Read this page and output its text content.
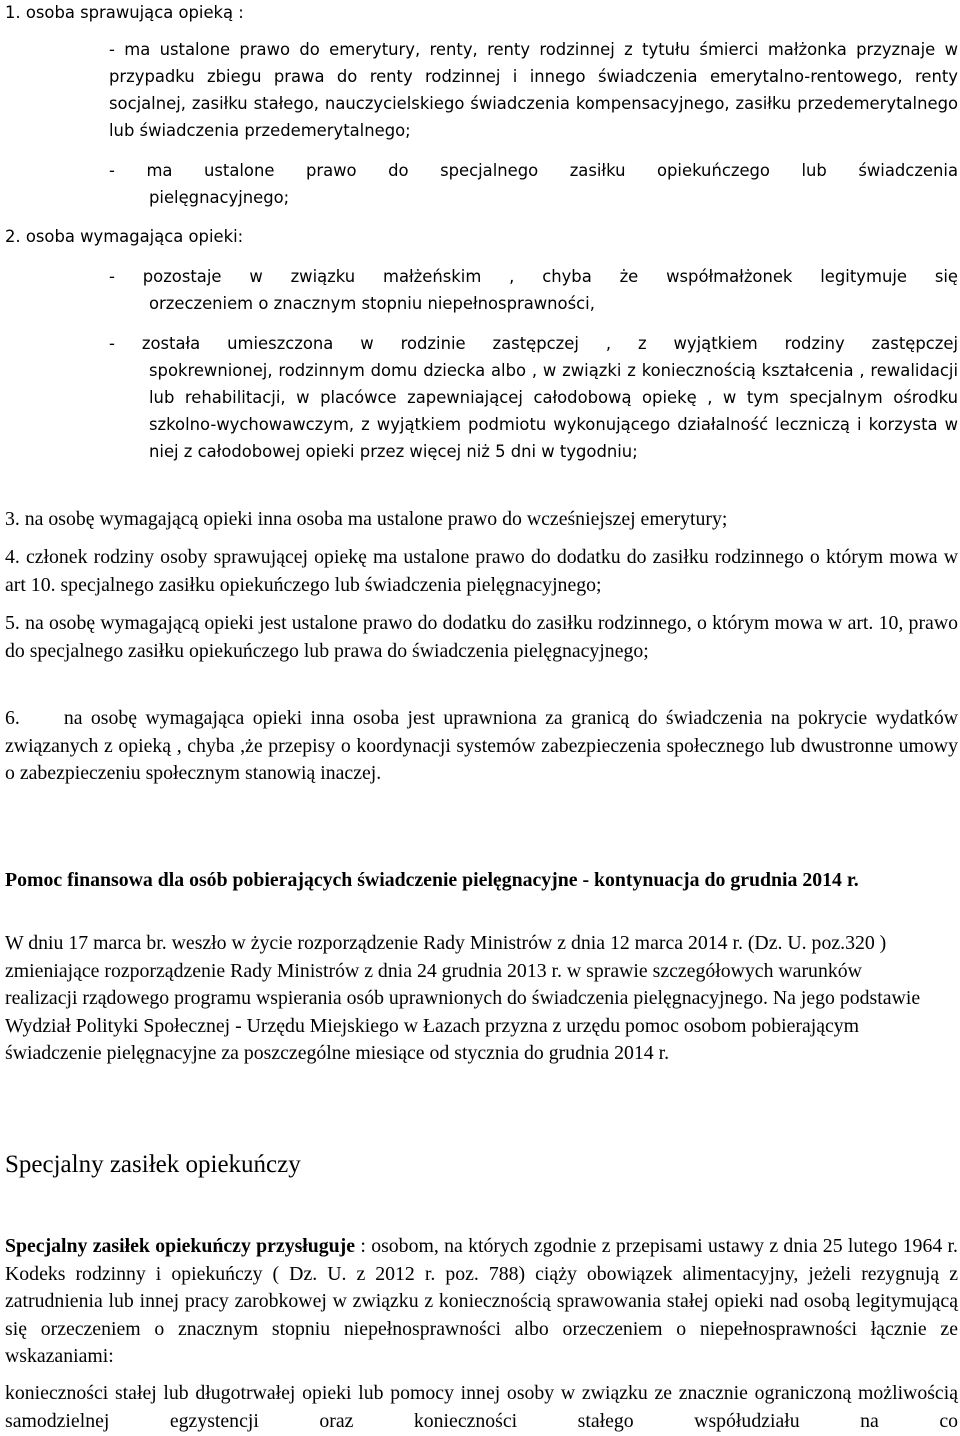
1. osoba sprawująca opieką :

- ma ustalone prawo do emerytury, renty, renty rodzinnej z tytułu śmierci małżonka przyznaje w przypadku zbiegu prawa do renty rodzinnej i innego świadczenia emerytalno-rentowego, renty socjalnej, zasiłku stałego, nauczycielskiego świadczenia kompensacyjnego, zasiłku przedemerytalnego lub świadczenia przedemerytalnego;

- ma ustalone prawo do specjalnego zasiłku opiekuńczego lub świadczenia

pielęgnacyjnego;

2. osoba wymagająca opieki:

- pozostaje w związku małżeńskim , chyba że współmałżonek legitymuje się

orzeczeniem o znacznym stopniu niepełnosprawności,

- została umieszczona w rodzinie zastępczej , z wyjątkiem rodziny zastępczej

spokrewnionej, rodzinnym domu dziecka albo , w związki z koniecznością kształcenia , rewalidacji lub rehabilitacji, w placówce zapewniającej całodobową opiekę , w tym specjalnym ośrodku szkolno-wychowawczym, z wyjątkiem podmiotu wykonującego działalność leczniczą i korzysta w niej z całodobowej opieki przez więcej niż 5 dni w tygodniu;

3. na osobę wymagającą opieki inna osoba ma ustalone prawo do wcześniejszej emerytury;

4. członek rodziny osoby sprawującej opiekę ma ustalone prawo do dodatku do zasiłku rodzinnego o którym mowa w art 10. specjalnego zasiłku opiekuńczego lub świadczenia pielęgnacyjnego;

5. na osobę wymagającą opieki jest ustalone prawo do dodatku do zasiłku rodzinnego, o którym mowa w art. 10, prawo do specjalnego zasiłku opiekuńczego lub prawa do świadczenia pielęgnacyjnego;

6. na osobę wymagająca opieki inna osoba jest uprawniona za granicą do świadczenia na pokrycie wydatków związanych z opieką , chyba ,że przepisy o koordynacji systemów zabezpieczenia społecznego lub dwustronne umowy o zabezpieczeniu społecznym stanowią inaczej.

Pomoc finansowa dla osób pobierających świadczenie pielęgnacyjne - kontynuacja do grudnia 2014 r.

W dniu 17 marca br. weszło w życie rozporządzenie Rady Ministrów z dnia 12 marca 2014 r. (Dz. U. poz.320 ) zmieniające rozporządzenie Rady Ministrów z dnia 24 grudnia 2013 r. w sprawie szczegółowych warunków realizacji rządowego programu wspierania osób uprawnionych do świadczenia pielęgnacyjnego. Na jego podstawie Wydział Polityki Społecznej - Urzędu Miejskiego w Łazach przyzna z urzędu pomoc osobom pobierającym świadczenie pielęgnacyjne za poszczególne miesiące od stycznia do grudnia 2014 r.

Specjalny zasiłek opiekuńczy

Specjalny zasiłek opiekuńczy przysługuje : osobom, na których zgodnie z przepisami ustawy z dnia 25 lutego 1964 r. Kodeks rodzinny i opiekuńczy ( Dz. U. z 2012 r. poz. 788) ciąży obowiązek alimentacyjny, jeżeli rezygnują z zatrudnienia lub innej pracy zarobkowej w związku z koniecznością sprawowania stałej opieki nad osobą legitymującą się orzeczeniem o znacznym stopniu niepełnosprawności albo orzeczeniem o niepełnosprawności łącznie ze wskazaniami:

konieczności stałej lub długotrwałej opieki lub pomocy innej osoby w związku ze znacznie ograniczoną możliwością samodzielnej egzystencji oraz konieczności stałego współudziału na co
